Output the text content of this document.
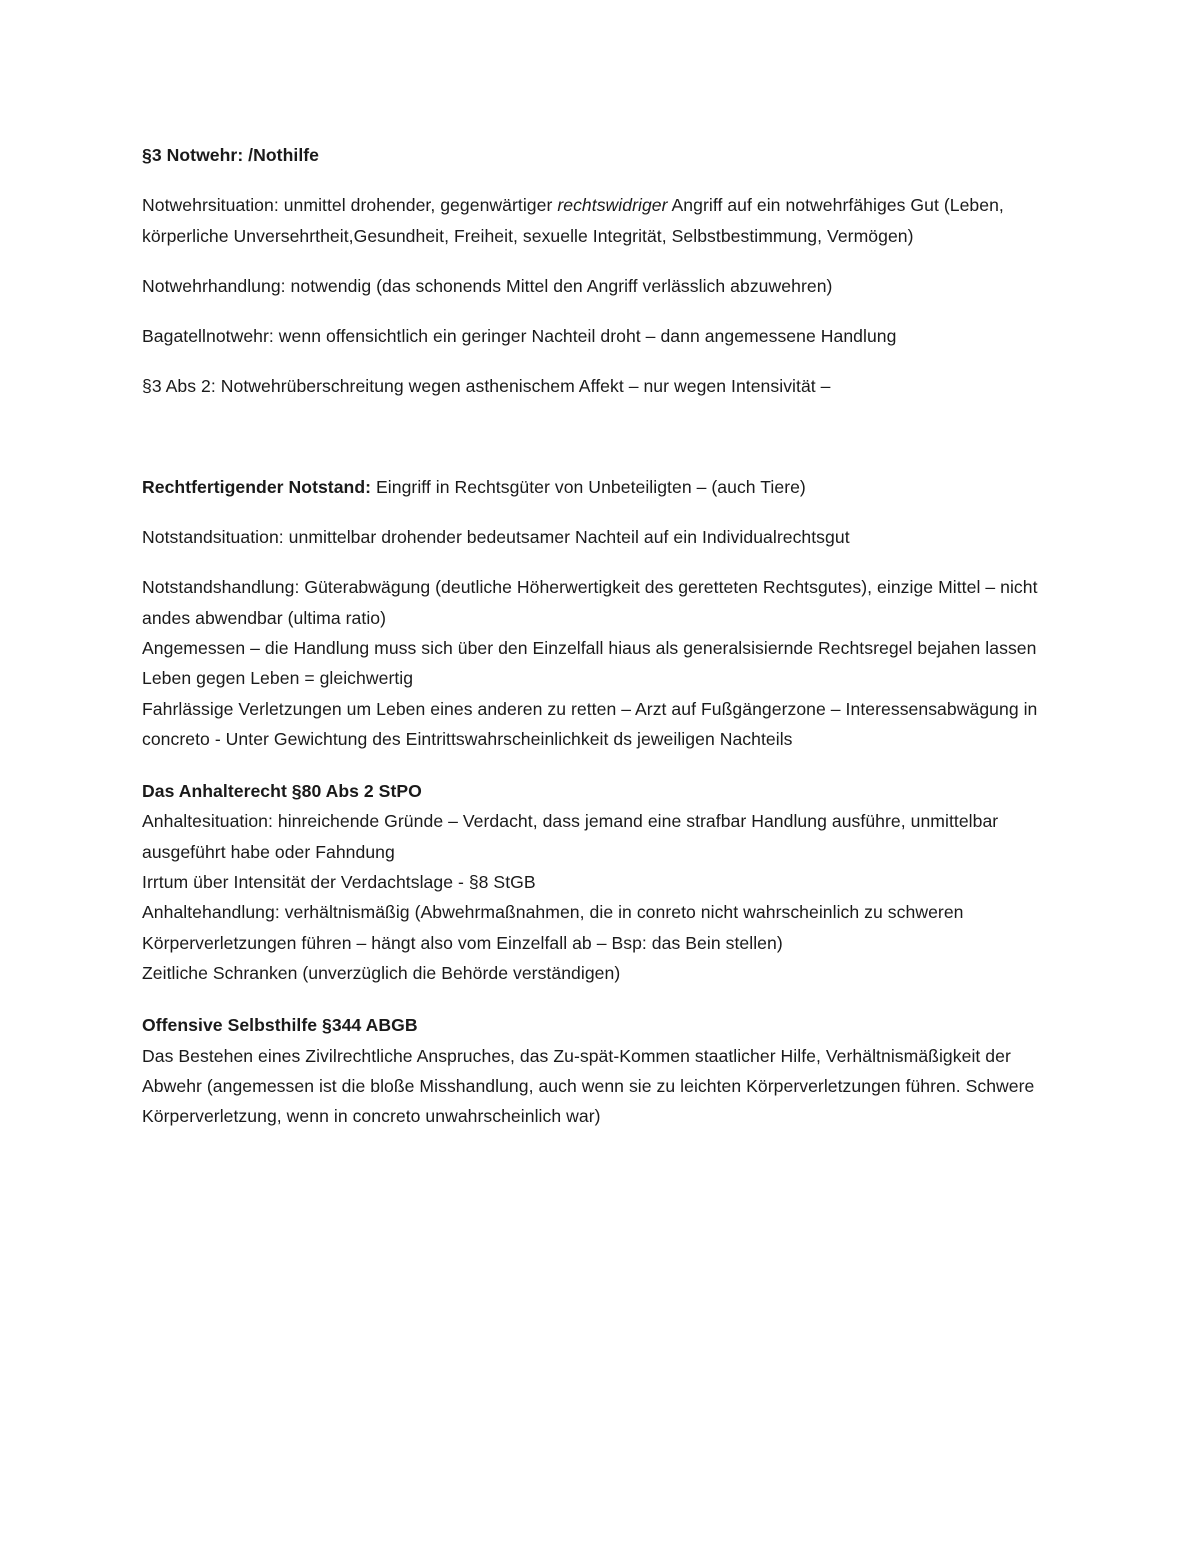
§3 Notwehr: /Nothilfe

Notwehrsituation: unmittel drohender, gegenwärtiger rechtswidriger Angriff auf ein notwehrfähiges Gut (Leben, körperliche Unversehrtheit,Gesundheit, Freiheit, sexuelle Integrität, Selbstbestimmung, Vermögen)

Notwehrhandlung: notwendig (das schonends Mittel den Angriff verlässlich abzuwehren)

Bagatellnotwehr: wenn offensichtlich ein geringer Nachteil droht – dann angemessene Handlung

§3 Abs 2: Notwehrüberschreitung wegen asthenischem Affekt – nur wegen Intensivität –

Rechtfertigender Notstand: Eingriff in Rechtsgüter von Unbeteiligten – (auch Tiere)

Notstandsituation: unmittelbar drohender bedeutsamer Nachteil auf ein Individualrechtsgut

Notstandshandlung: Güterabwägung (deutliche Höherwertigkeit des geretteten Rechtsgutes), einzige Mittel – nicht andes abwendbar (ultima ratio)

Angemessen – die Handlung muss sich über den Einzelfall hiaus als generalsisiernde Rechtsregel bejahen lassen

Leben gegen Leben = gleichwertig

Fahrlässige Verletzungen um Leben eines anderen zu retten – Arzt auf Fußgängerzone – Interessensabwägung in concreto - Unter Gewichtung des Eintrittswahrscheinlichkeit ds jeweiligen Nachteils

Das Anhalterecht §80 Abs 2 StPO

Anhaltesituation: hinreichende Gründe – Verdacht, dass jemand eine strafbar Handlung ausführe, unmittelbar ausgeführt habe oder Fahndung

Irrtum über Intensität der Verdachtslage - §8 StGB

Anhaltehandlung: verhältnismäßig (Abwehrmaßnahmen, die in conreto nicht wahrscheinlich zu schweren Körperverletzungen führen – hängt also vom Einzelfall ab – Bsp: das Bein stellen)

Zeitliche Schranken (unverzüglich die Behörde verständigen)

Offensive Selbsthilfe §344 ABGB

Das Bestehen eines Zivilrechtliche Anspruches, das Zu-spät-Kommen staatlicher Hilfe, Verhältnismäßigkeit der Abwehr (angemessen ist die bloße Misshandlung, auch wenn sie zu leichten Körperverletzungen führen. Schwere Körperverletzung, wenn in concreto unwahrscheinlich war)
